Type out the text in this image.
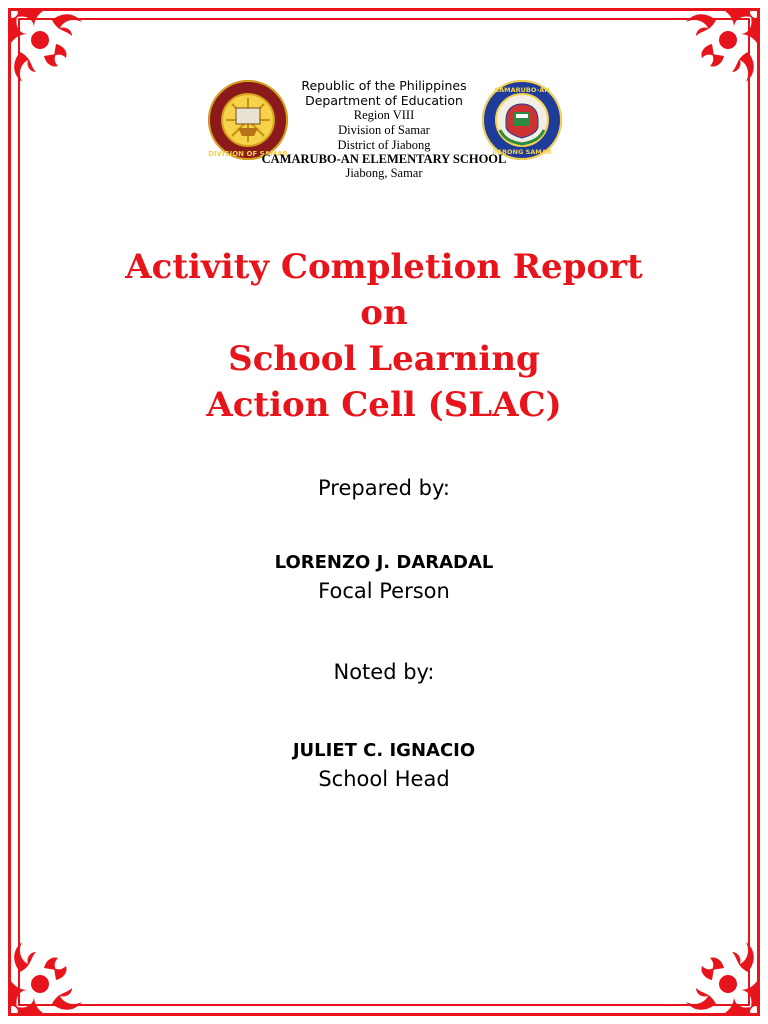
DIVISION OF SAMAR
CAMARUBO-AN
JIABONG SAMAR
Republic of the Philippines
Department of Education
Region VIII
Division of Samar
District of Jiabong
CAMARUBO-AN ELEMENTARY SCHOOL
Jiabong, Samar
Activity Completion Report
on
School Learning
Action Cell (SLAC)
Prepared by:
LORENZO J. DARADAL
Focal Person
Noted by:
JULIET C. IGNACIO
School Head
